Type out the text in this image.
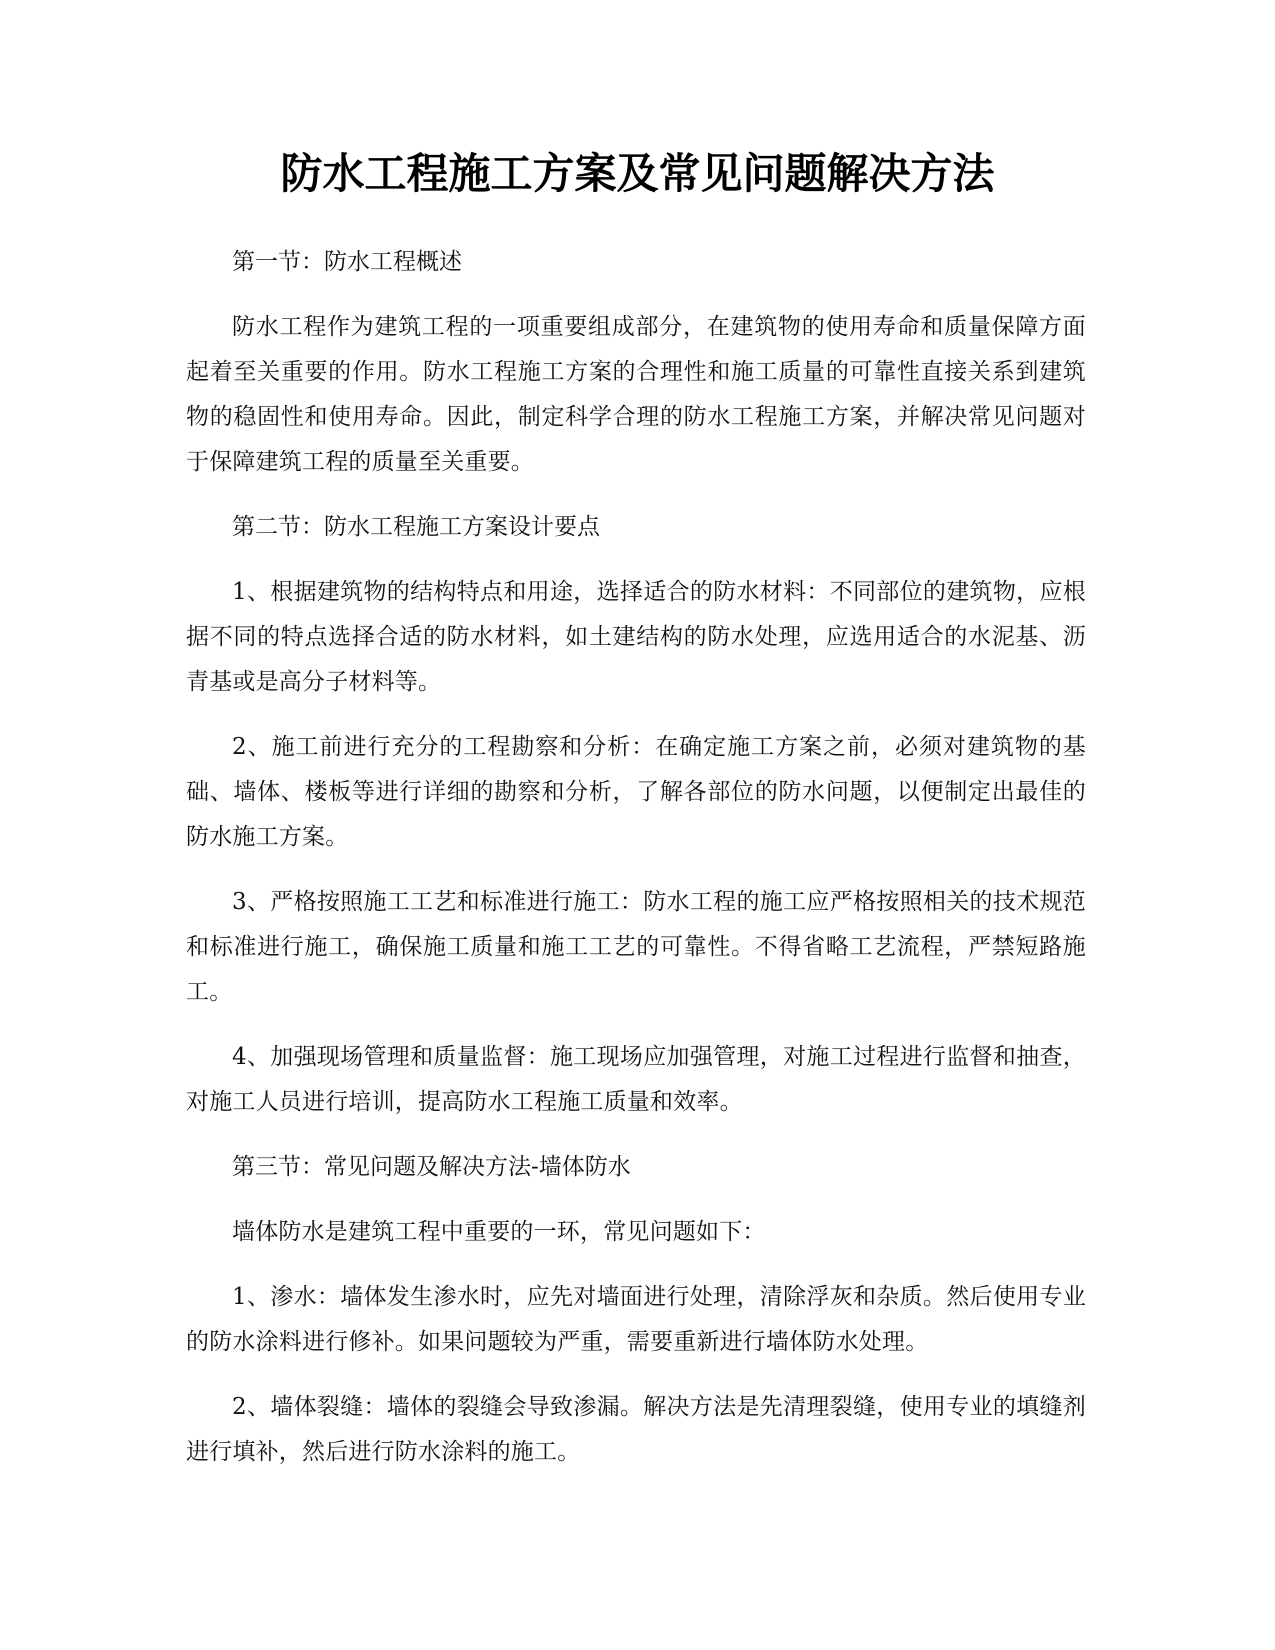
防水工程施工方案及常见问题解决方法

第一节：防水工程概述

防水工程作为建筑工程的一项重要组成部分，在建筑物的使用寿命和质量保障方面起着至关重要的作用。防水工程施工方案的合理性和施工质量的可靠性直接关系到建筑物的稳固性和使用寿命。因此，制定科学合理的防水工程施工方案，并解决常见问题对于保障建筑工程的质量至关重要。

第二节：防水工程施工方案设计要点

1、根据建筑物的结构特点和用途，选择适合的防水材料：不同部位的建筑物，应根据不同的特点选择合适的防水材料，如土建结构的防水处理，应选用适合的水泥基、沥青基或是高分子材料等。

2、施工前进行充分的工程勘察和分析：在确定施工方案之前，必须对建筑物的基础、墙体、楼板等进行详细的勘察和分析，了解各部位的防水问题，以便制定出最佳的防水施工方案。

3、严格按照施工工艺和标准进行施工：防水工程的施工应严格按照相关的技术规范和标准进行施工，确保施工质量和施工工艺的可靠性。不得省略工艺流程，严禁短路施工。

4、加强现场管理和质量监督：施工现场应加强管理，对施工过程进行监督和抽查，对施工人员进行培训，提高防水工程施工质量和效率。

第三节：常见问题及解决方法-墙体防水

墙体防水是建筑工程中重要的一环，常见问题如下：

1、渗水：墙体发生渗水时，应先对墙面进行处理，清除浮灰和杂质。然后使用专业的防水涂料进行修补。如果问题较为严重，需要重新进行墙体防水处理。

2、墙体裂缝：墙体的裂缝会导致渗漏。解决方法是先清理裂缝，使用专业的填缝剂进行填补，然后进行防水涂料的施工。
